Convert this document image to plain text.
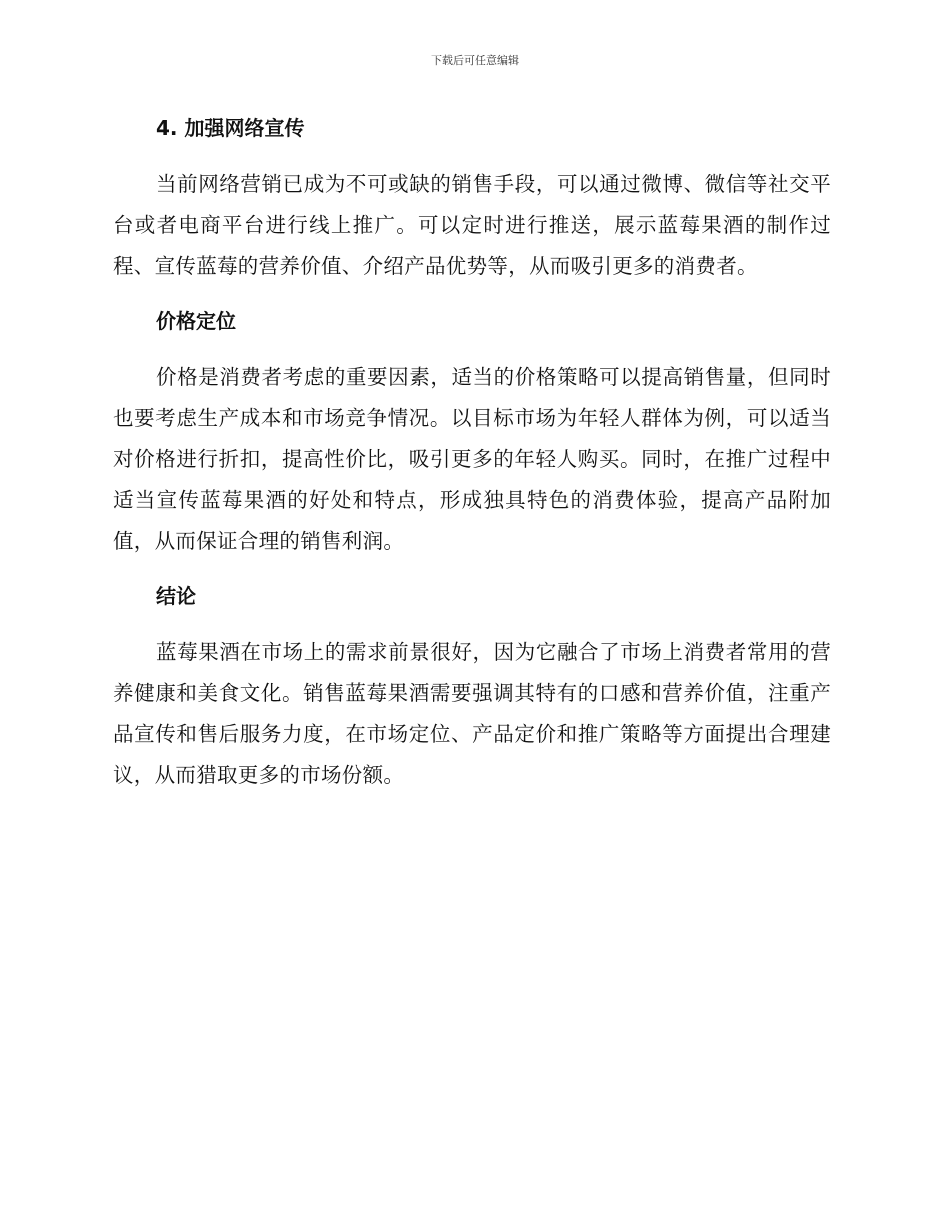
下载后可任意编辑
4. 加强网络宣传

当前网络营销已成为不可或缺的销售手段，可以通过微博、微信等社交平台或者电商平台进行线上推广。可以定时进行推送，展示蓝莓果酒的制作过程、宣传蓝莓的营养价值、介绍产品优势等，从而吸引更多的消费者。

价格定位

价格是消费者考虑的重要因素，适当的价格策略可以提高销售量，但同时也要考虑生产成本和市场竞争情况。以目标市场为年轻人群体为例，可以适当对价格进行折扣，提高性价比，吸引更多的年轻人购买。同时，在推广过程中适当宣传蓝莓果酒的好处和特点，形成独具特色的消费体验，提高产品附加值，从而保证合理的销售利润。

结论

蓝莓果酒在市场上的需求前景很好，因为它融合了市场上消费者常用的营养健康和美食文化。销售蓝莓果酒需要强调其特有的口感和营养价值，注重产品宣传和售后服务力度，在市场定位、产品定价和推广策略等方面提出合理建议，从而猎取更多的市场份额。
